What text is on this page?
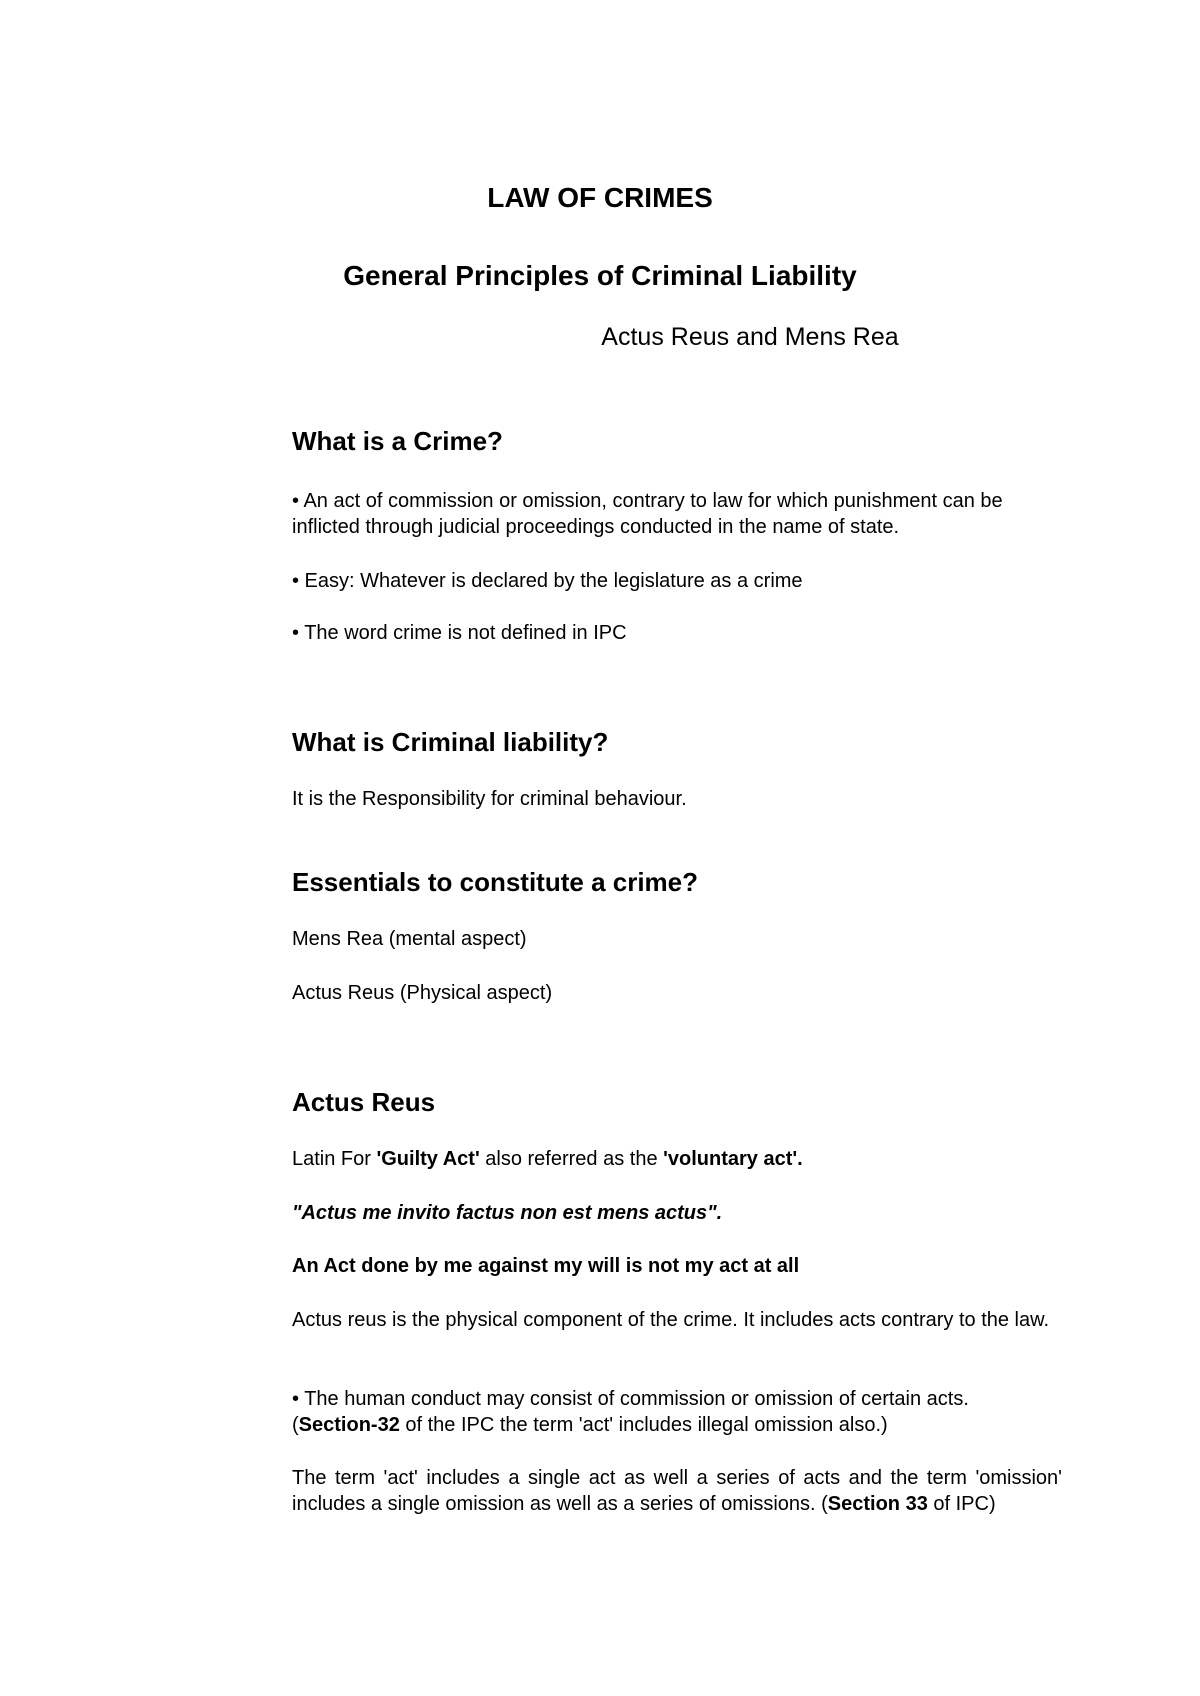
LAW OF CRIMES
General Principles of Criminal Liability
Actus Reus and Mens Rea
What is a Crime?
• An act of commission or omission, contrary to law for which punishment can be inflicted through judicial proceedings conducted in the name of state.
• Easy: Whatever is declared by the legislature as a crime
• The word crime is not defined in IPC
What is Criminal liability?
It is the Responsibility for criminal behaviour.
Essentials to constitute a crime?
Mens Rea (mental aspect)
Actus Reus (Physical aspect)
Actus Reus
Latin For 'Guilty Act' also referred as the 'voluntary act'.
"Actus me invito factus non est mens actus".
An Act done by me against my will is not my act at all
Actus reus is the physical component of the crime. It includes acts contrary to the law.
• The human conduct may consist of commission or omission of certain acts.
(Section-32 of the IPC the term 'act' includes illegal omission also.)
The term 'act' includes a single act as well a series of acts and the term 'omission' includes a single omission as well as a series of omissions. (Section 33 of IPC)
